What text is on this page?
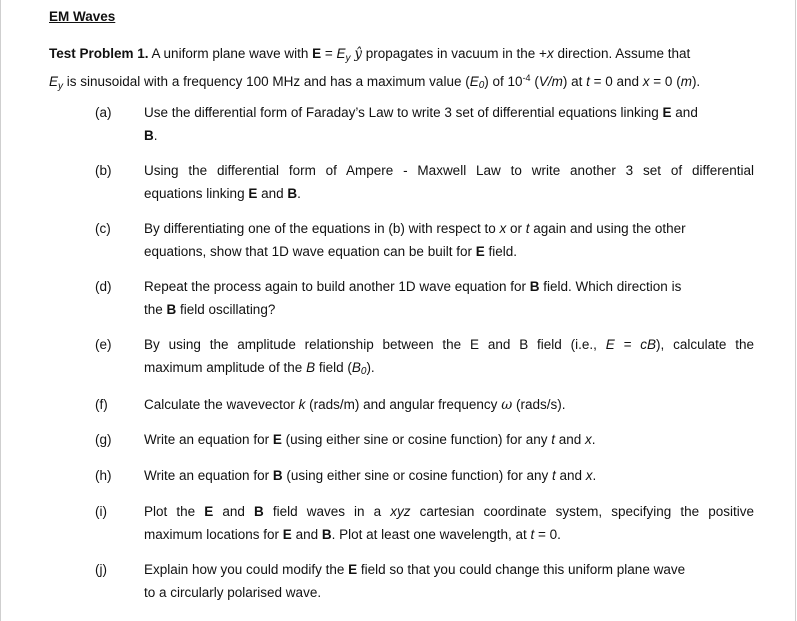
EM Waves
Test Problem 1. A uniform plane wave with $E = E_y$ ŷ propagates in vacuum in the +x direction. Assume that
$E_y$ is sinusoidal with a frequency 100 MHz and has a maximum value (E0) of $10^{-4}$ (V/m) at t = 0 and x = 0 (m).
(a) Use the differential form of Faraday’s Law to write 3 set of differential equations linking E and
B.
(b) Using the differential form of Ampere - Maxwell Law to write another 3 set of differential
equations linking E and B.
(c) By differentiating one of the equations in (b) with respect to x or t again and using the other
equations, show that 1D wave equation can be built for E field.
(d) Repeat the process again to build another 1D wave equation for B field. Which direction is
the B field oscillating?
(e) By using the amplitude relationship between the E and B field (i.e., E = cB), calculate the
maximum amplitude of the B field (B0).
(f)	Calculate the wavevector k (rads/m) and angular frequency ω (rads/s).
(g) Write an equation for E (using either sine or cosine function) for any t and x.
(h) Write an equation for B (using either sine or cosine function) for any t and x.
(i)	Plot the E and B field waves in a xyz cartesian coordinate system, specifying the positive
maximum locations for E and B. Plot at least one wavelength, at t = 0.
(j)	Explain how you could modify the E field so that you could change this uniform plane wave
to a circularly polarised wave.
